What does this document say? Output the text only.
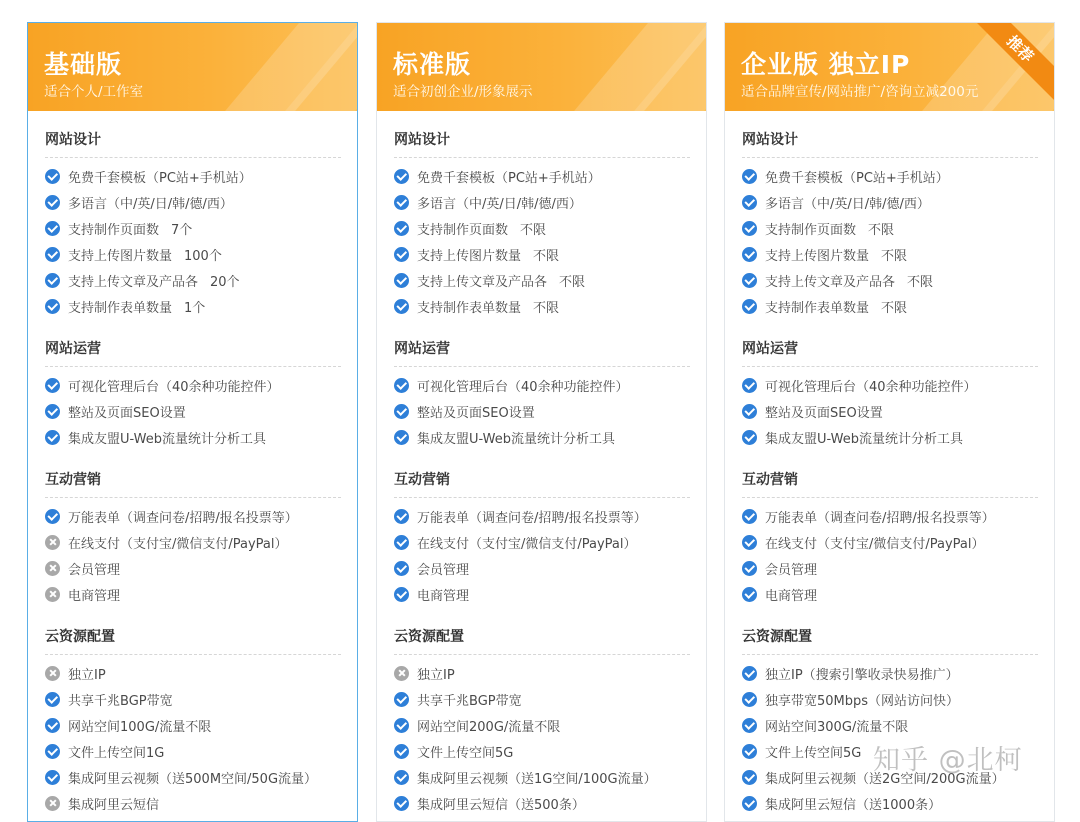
基础版
适合个人/工作室
网站设计
免费千套模板（PC站+手机站）
多语言（中/英/日/韩/德/西）
支持制作页面数 7个
支持上传图片数量 100个
支持上传文章及产品各 20个
支持制作表单数量 1个
网站运营
可视化管理后台（40余种功能控件）
整站及页面SEO设置
集成友盟U-Web流量统计分析工具
互动营销
万能表单（调查问卷/招聘/报名投票等）
在线支付（支付宝/微信支付/PayPal）
会员管理
电商管理
云资源配置
独立IP
共享千兆BGP带宽
网站空间100G/流量不限
文件上传空间1G
集成阿里云视频（送500M空间/50G流量）
集成阿里云短信
标准版
适合初创企业/形象展示
网站设计
免费千套模板（PC站+手机站）
多语言（中/英/日/韩/德/西）
支持制作页面数 不限
支持上传图片数量 不限
支持上传文章及产品各 不限
支持制作表单数量 不限
网站运营
可视化管理后台（40余种功能控件）
整站及页面SEO设置
集成友盟U-Web流量统计分析工具
互动营销
万能表单（调查问卷/招聘/报名投票等）
在线支付（支付宝/微信支付/PayPal）
会员管理
电商管理
云资源配置
独立IP
共享千兆BGP带宽
网站空间200G/流量不限
文件上传空间5G
集成阿里云视频（送1G空间/100G流量）
集成阿里云短信（送500条）
企业版 独立IP
适合品牌宣传/网站推广/咨询立减200元
推荐
网站设计
免费千套模板（PC站+手机站）
多语言（中/英/日/韩/德/西）
支持制作页面数 不限
支持上传图片数量 不限
支持上传文章及产品各 不限
支持制作表单数量 不限
网站运营
可视化管理后台（40余种功能控件）
整站及页面SEO设置
集成友盟U-Web流量统计分析工具
互动营销
万能表单（调查问卷/招聘/报名投票等）
在线支付（支付宝/微信支付/PayPal）
会员管理
电商管理
云资源配置
独立IP（搜索引擎收录快易推广）
独享带宽50Mbps（网站访问快）
网站空间300G/流量不限
文件上传空间5G
集成阿里云视频（送2G空间/200G流量）
集成阿里云短信（送1000条）
知乎 @北柯
